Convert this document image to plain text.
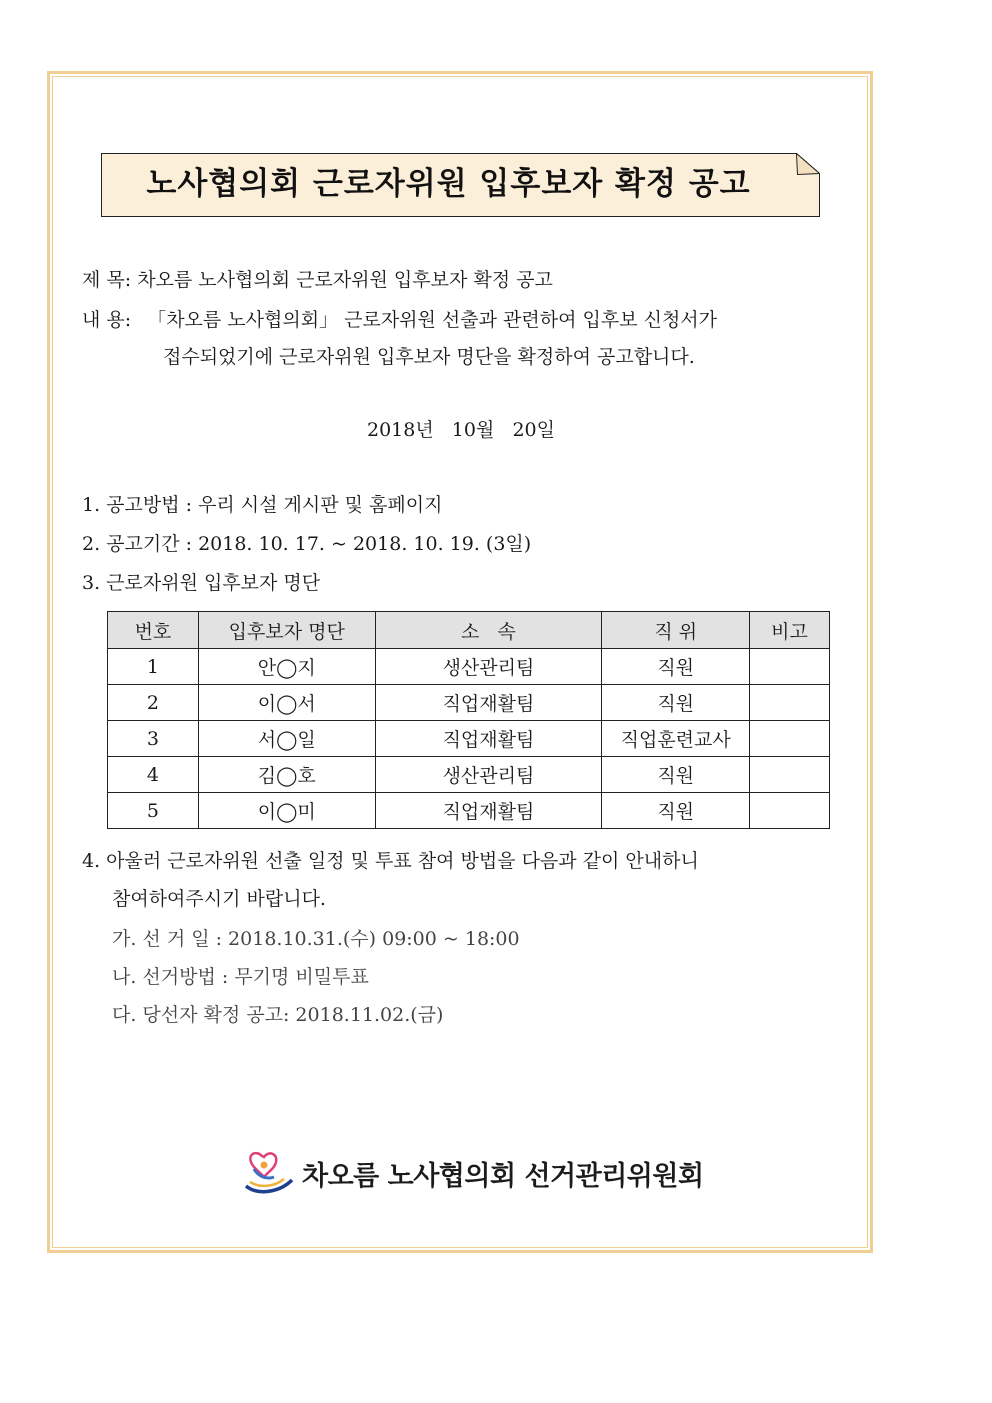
노사협의회 근로자위원 입후보자 확정 공고
제 목: 차오름 노사협의회 근로자위원 입후보자 확정 공고
내 용: 「차오름 노사협의회」 근로자위원 선출과 관련하여 입후보 신청서가
접수되었기에 근로자위원 입후보자 명단을 확정하여 공고합니다.
2018년   10월   20일
1. 공고방법 : 우리 시설 게시판 및 홈페이지
2. 공고기간 : 2018. 10. 17. ~ 2018. 10. 19. (3일)
3. 근로자위원 입후보자 명단
번호	입후보자 명단	소   속	직 위	비고
1	안◯지	생산관리팀	직원	
2	이◯서	직업재활팀	직원	
3	서◯일	직업재활팀	직업훈련교사	
4	김◯호	생산관리팀	직원	
5	이◯미	직업재활팀	직원	
4. 아울러 근로자위원 선출 일정 및 투표 참여 방법을 다음과 같이 안내하니
참여하여주시기 바랍니다.
가. 선 거 일 : 2018.10.31.(수) 09:00 ~ 18:00
나. 선거방법 : 무기명 비밀투표
다. 당선자 확정 공고: 2018.11.02.(금)
차오름 노사협의회 선거관리위원회
